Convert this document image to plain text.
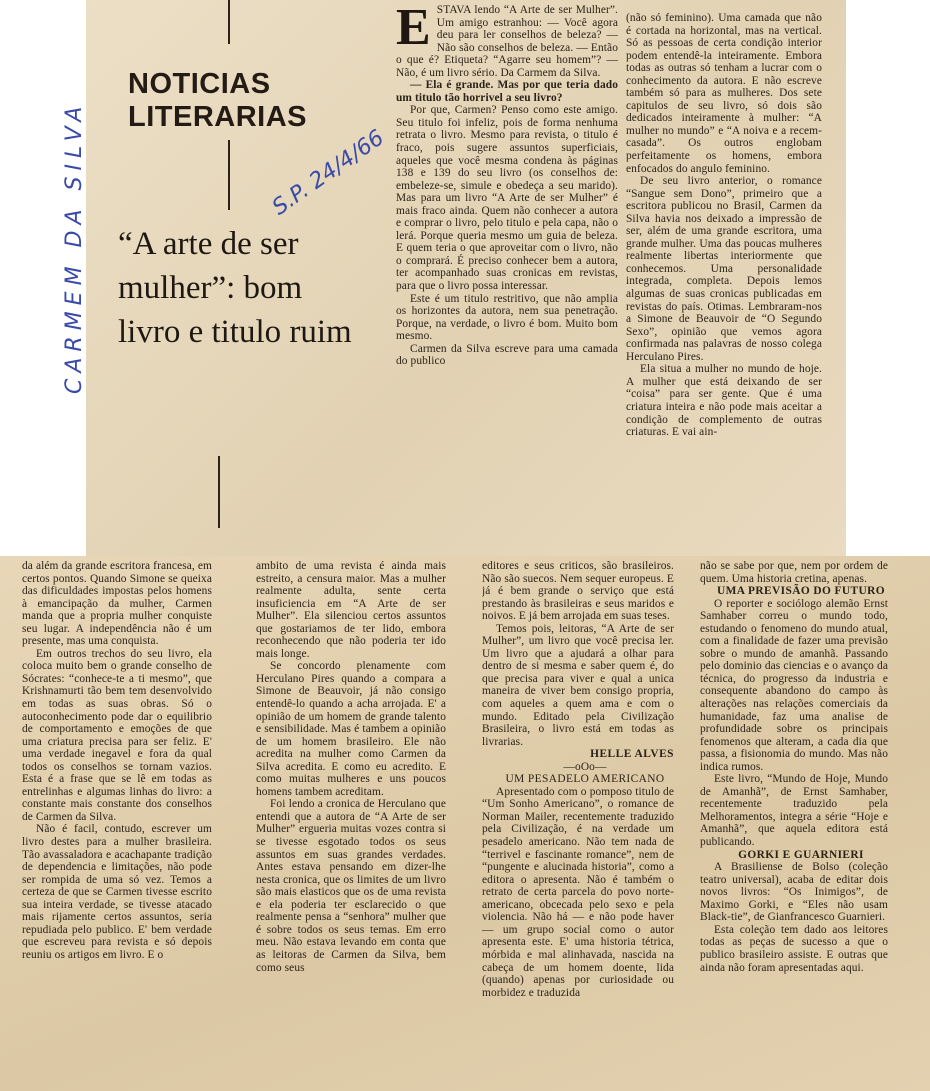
NOTICIAS LITERARIAS
“A arte de ser mulher”: bom livro e titulo ruim
CARMEM DA SILVA	S.P. 24/4/66
E STAVA lendo “A Arte de ser Mulher”. Um amigo estranhou: — Você agora deu para ler conselhos de beleza? — Não são conselhos de beleza. — Então o que é? Etiqueta? “Agarre seu homem”? — Não, é um livro sério. Da Carmem da Silva.

— Ela é grande. Mas por que teria dado um titulo tão horrivel a seu livro?

Por que, Carmen? Penso como este amigo. Seu titulo foi infeliz, pois de forma nenhuma retrata o livro. Mesmo para revista, o titulo é fraco, pois sugere assuntos superficiais, aqueles que você mesma condena às páginas 138 e 139 do seu livro (os conselhos de: embeleze-se, simule e obedeça a seu marido). Mas para um livro “A Arte de ser Mulher” é mais fraco ainda. Quem não conhecer a autora e comprar o livro, pelo titulo e pela capa, não o lerá. Porque queria mesmo um guia de beleza. E quem teria o que aproveitar com o livro, não o comprará. É preciso conhecer bem a autora, ter acompanhado suas cronicas em revistas, para que o livro possa interessar.

Este é um titulo restritivo, que não amplia os horizontes da autora, nem sua penetração. Porque, na verdade, o livro é bom. Muito bom mesmo.

Carmen da Silva escreve para uma camada do publico

(não só feminino). Uma camada que não é cortada na horizontal, mas na vertical. Só as pessoas de certa condição interior podem entendê-la inteiramente. Embora todas as outras só tenham a lucrar com o conhecimento da autora. E não escreve também só para as mulheres. Dos sete capitulos de seu livro, só dois são dedicados inteiramente à mulher: “A mulher no mundo” e “A noiva e a recem-casada”. Os outros englobam perfeitamente os homens, embora enfocados do angulo feminino.

De seu livro anterior, o romance “Sangue sem Dono”, primeiro que a escritora publicou no Brasil, Carmen da Silva havia nos deixado a impressão de ser, além de uma grande escritora, uma grande mulher. Uma das poucas mulheres realmente libertas interiormente que conhecemos. Uma personalidade integrada, completa. Depois lemos algumas de suas cronicas publicadas em revistas do país. Otimas. Lembraram-nos a Simone de Beauvoir de “O Segundo Sexo”, opinião que vemos agora confirmada nas palavras de nosso colega Herculano Pires.

Ela situa a mulher no mundo de hoje. A mulher que está deixando de ser “coisa” para ser gente. Que é uma criatura inteira e não pode mais aceitar a condição de complemento de outras criaturas. E vai ain-

da além da grande escritora francesa, em certos pontos. Quando Simone se queixa das dificuldades impostas pelos homens à emancipação da mulher, Carmen manda que a propria mulher conquiste seu lugar. A independência não é um presente, mas uma conquista.

Em outros trechos do seu livro, ela coloca muito bem o grande conselho de Sócrates: “conhece-te a ti mesmo”, que Krishnamurti tão bem tem desenvolvido em todas as suas obras. Só o autoconhecimento pode dar o equilibrio de comportamento e emoções de que uma criatura precisa para ser feliz. E' uma verdade inegavel e fora da qual todos os conselhos se tornam vazios. Esta é a frase que se lê em todas as entrelinhas e algumas linhas do livro: a constante mais constante dos conselhos de Carmen da Silva.

Não é facil, contudo, escrever um livro destes para a mulher brasileira. Tão avassaladora e acachapante tradição de dependencia e limitações, não pode ser rompida de uma só vez. Temos a certeza de que se Carmen tivesse escrito sua inteira verdade, se tivesse atacado mais rijamente certos assuntos, seria repudiada pelo publico. E' bem verdade que escreveu para revista e só depois reuniu os artigos em livro. E o

ambito de uma revista é ainda mais estreito, a censura maior. Mas a mulher realmente adulta, sente certa insuficiencia em “A Arte de ser Mulher”. Ela silenciou certos assuntos que gostariamos de ter lido, embora reconhecendo que não poderia ter ido mais longe.

Se concordo plenamente com Herculano Pires quando a compara a Simone de Beauvoir, já não consigo entendê-lo quando a acha arrojada. E' a opinião de um homem de grande talento e sensibilidade. Mas é tambem a opinião de um homem brasileiro. Ele não acredita na mulher como Carmen da Silva acredita. E como eu acredito. E como muitas mulheres e uns poucos homens tambem acreditam.

Foi lendo a cronica de Herculano que entendi que a autora de “A Arte de ser Mulher” ergueria muitas vozes contra si se tivesse esgotado todos os seus assuntos em suas grandes verdades. Antes estava pensando em dizer-lhe nesta cronica, que os limites de um livro são mais elasticos que os de uma revista e ela poderia ter esclarecido o que realmente pensa a “senhora” mulher que é sobre todos os seus temas. Em erro meu. Não estava levando em conta que as leitoras de Carmen da Silva, bem como seus

editores e seus criticos, são brasileiros. Não são suecos. Nem sequer europeus. E já é bem grande o serviço que está prestando às brasileiras e seus maridos e noivos. E já bem arrojada em suas teses.

Temos pois, leitoras, “A Arte de ser Mulher”, um livro que você precisa ler. Um livro que a ajudará a olhar para dentro de si mesma e saber quem é, do que precisa para viver e qual a unica maneira de viver bem consigo propria, com aqueles a quem ama e com o mundo. Editado pela Civilização Brasileira, o livro está em todas as livrarias.

HELLE ALVES

—oOo—

UM PESADELO AMERICANO

Apresentado com o pomposo titulo de “Um Sonho Americano”, o romance de Norman Mailer, recentemente traduzido pela Civilização, é na verdade um pesadelo americano. Não tem nada de “terrivel e fascinante romance”, nem de “pungente e alucinada historia”, como a editora o apresenta. Não é também o retrato de certa parcela do povo norte-americano, obcecada pelo sexo e pela violencia. Não há — e não pode haver — um grupo social como o autor apresenta este. E' uma historia tétrica, mórbida e mal alinhavada, nascida na cabeça de um homem doente, lida (quando) apenas por curiosidade ou morbidez e traduzida

não se sabe por que, nem por ordem de quem. Uma historia cretina, apenas.

UMA PREVISÃO DO FUTURO

O reporter e sociólogo alemão Ernst Samhaber correu o mundo todo, estudando o fenomeno do mundo atual, com a finalidade de fazer uma previsão sobre o mundo de amanhã. Passando pelo dominio das ciencias e o avanço da técnica, do progresso da industria e consequente abandono do campo às alterações nas relações comerciais da humanidade, faz uma analise de profundidade sobre os principais fenomenos que alteram, a cada dia que passa, a fisionomia do mundo. Mas não indica rumos.

Este livro, “Mundo de Hoje, Mundo de Amanhã”, de Ernst Samhaber, recentemente traduzido pela Melhoramentos, integra a série “Hoje e Amanhã”, que aquela editora está publicando.

GORKI E GUARNIERI

A Brasiliense de Bolso (coleção teatro universal), acaba de editar dois novos livros: “Os Inimigos”, de Maximo Gorki, e “Eles não usam Black-tie”, de Gianfrancesco Guarnieri.

Esta coleção tem dado aos leitores todas as peças de sucesso a que o publico brasileiro assiste. E outras que ainda não foram apresentadas aqui.
